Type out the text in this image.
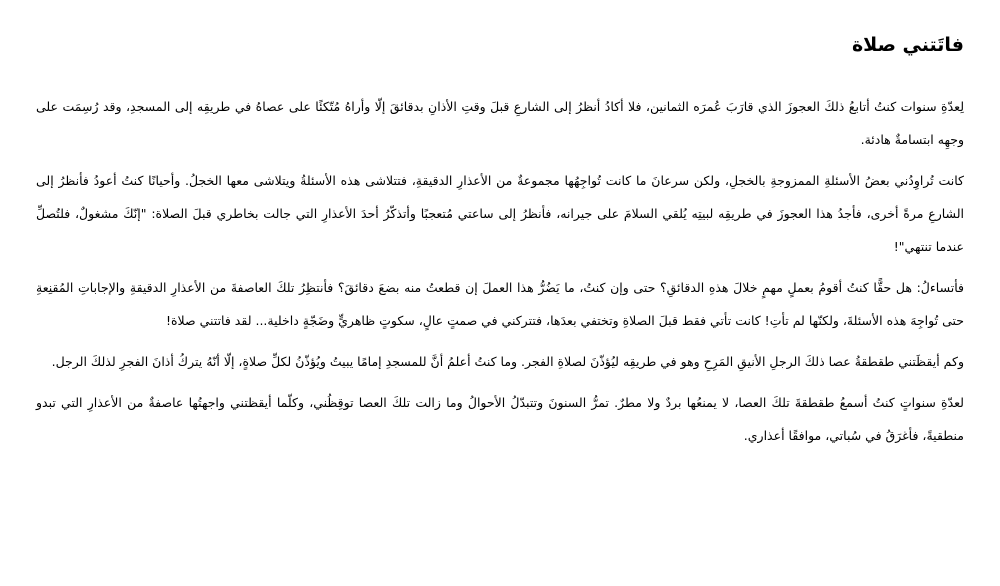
فاتَتني صلاة

لِعدّةِ سنوات كنتُ أتابعُ ذلكَ العجوزَ الذي قارَبَ عُمرَه الثمانين، فلا أكادُ أنظرُ إلى الشارعِ قبلَ وقتِ الأذانِ بدقائقَ إلّا وأراهُ مُتّكئًا على عصاهُ في طريقِه إلى المسجدِ، وقد رُسِمَت على وجهِه ابتسامةٌ هادئة.

كانت تُراوِدُني بعضُ الأسئلةِ الممزوجةِ بالخجلِ، ولكن سرعانَ ما كانت تُواجِهُها مجموعةٌ من الأعذارِ الدقيقةِ، فتتلاشى هذه الأسئلةُ ويتلاشى معها الخجلُ. وأحيانًا كنتُ أعودُ فأنظرُ إلى الشارعِ مرةً أخرى، فأجدُ هذا العجوزَ في طريقِه لبيتِه يُلقي السلامَ على جيرانه، فأنظرُ إلى ساعتي مُتعجبًا وأتذكّرُ أحدَ الأعذارِ التي جالت بخاطري قبلَ الصلاة: "إنّكَ مشغولٌ، فلتُصلِّ عندما تنتهي"!

فأتساءلُ: هل حقًّا كنتُ أقومُ بعملٍ مهمٍ خلالَ هذهِ الدقائقِ؟ حتى وإن كنتُ، ما يَضُرُّ هذا العملَ إن قطعتُ منه بضعَ دقائقَ؟ فأنتظِرُ تلكَ العاصفةَ من الأعذارِ الدقيقةِ والإجاباتِ المُقنِعةِ حتى تُواجِهَ هذه الأسئلةَ، ولكنّها لم تأتِ! كانت تأتي فقط قبلَ الصلاةِ وتختفي بعدَها، فتتركني في صمتٍ عالٍ، سكوتٍ ظاهريٍّ وضَجّةٍ داخلية... لقد فاتتني صلاة!

وكم أيقظَتني طقطقةُ عصا ذلكَ الرجلِ الأنيقِ المَرِحِ وهو في طريقِه ليُؤذّنَ لصلاةِ الفجر. وما كنتُ أعلمُ أنَّ للمسجدِ إمامًا يبيتُ ويُؤذّنُ لكلِّ صلاةٍ، إلّا أنّهُ يتركُ أذانَ الفجرِ لذلكَ الرجل.

لعدّةِ سنواتٍ كنتُ أسمعُ طقطقةَ تلكَ العصا، لا يمنعُها بردٌ ولا مطرٌ. تمرُّ السنونَ وتتبدّلُ الأحوالُ وما زالت تلكَ العصا توقِظُني، وكلّما أيقظتني واجهتُها عاصفةٌ من الأعذارِ التي تبدو منطقيةً، فأغرَقُ في سُباتي، موافقًا أعذاري.
